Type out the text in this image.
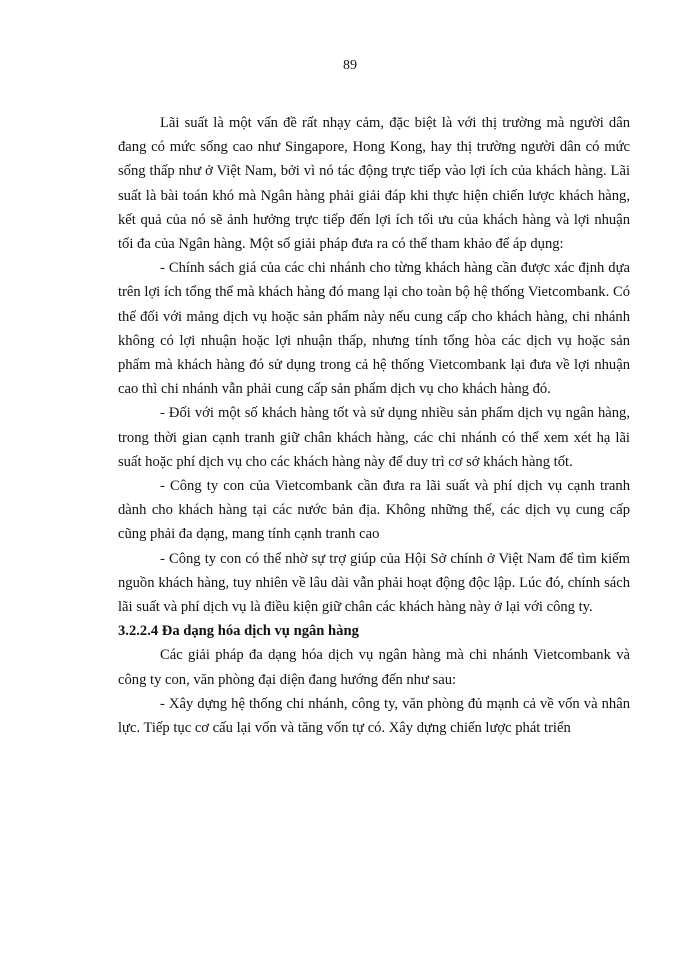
89

Lãi suất là một vấn đề rất nhạy cảm, đặc biệt là với thị trường mà người dân đang có mức sống cao như Singapore, Hong Kong, hay thị trường người dân có mức sống thấp như ở Việt Nam, bởi vì nó tác động trực tiếp vào lợi ích của khách hàng. Lãi suất là bài toán khó mà Ngân hàng phải giải đáp khi thực hiện chiến lược khách hàng, kết quả của nó sẽ ảnh hưởng trực tiếp đến lợi ích tối ưu của khách hàng và lợi nhuận tối đa của Ngân hàng. Một số giải pháp đưa ra có thể tham khảo để áp dụng:

- Chính sách giá của các chi nhánh cho từng khách hàng cần được xác định dựa trên lợi ích tổng thể mà khách hàng đó mang lại cho toàn bộ hệ thống Vietcombank. Có thể đối với mảng dịch vụ hoặc sản phẩm này nếu cung cấp cho khách hàng, chi nhánh không có lợi nhuận hoặc lợi nhuận thấp, nhưng tính tổng hòa các dịch vụ hoặc sản phẩm mà khách hàng đó sử dụng trong cả hệ thống Vietcombank lại đưa về lợi nhuận cao thì chi nhánh vẫn phải cung cấp sản phẩm dịch vụ cho khách hàng đó.

- Đối với một số khách hàng tốt và sử dụng nhiều sản phẩm dịch vụ ngân hàng, trong thời gian cạnh tranh giữ chân khách hàng, các chi nhánh có thể xem xét hạ lãi suất hoặc phí dịch vụ cho các khách hàng này để duy trì cơ sở khách hàng tốt.

- Công ty con của Vietcombank cần đưa ra lãi suất và phí dịch vụ cạnh tranh dành cho khách hàng tại các nước bản địa. Không những thế, các dịch vụ cung cấp cũng phải đa dạng, mang tính cạnh tranh cao

- Công ty con có thể nhờ sự trợ giúp của Hội Sở chính ở Việt Nam để tìm kiếm nguồn khách hàng, tuy nhiên về lâu dài vẫn phải hoạt động độc lập. Lúc đó, chính sách lãi suất và phí dịch vụ là điều kiện giữ chân các khách hàng này ở lại với công ty.

3.2.2.4 Đa dạng hóa dịch vụ ngân hàng

Các giải pháp đa dạng hóa dịch vụ ngân hàng mà chi nhánh Vietcombank và công ty con, văn phòng đại diện đang hướng đến như sau:

- Xây dựng hệ thống chi nhánh, công ty, văn phòng đủ mạnh cả về vốn và nhân lực. Tiếp tục cơ cấu lại vốn và tăng vốn tự có. Xây dựng chiến lược phát triển
